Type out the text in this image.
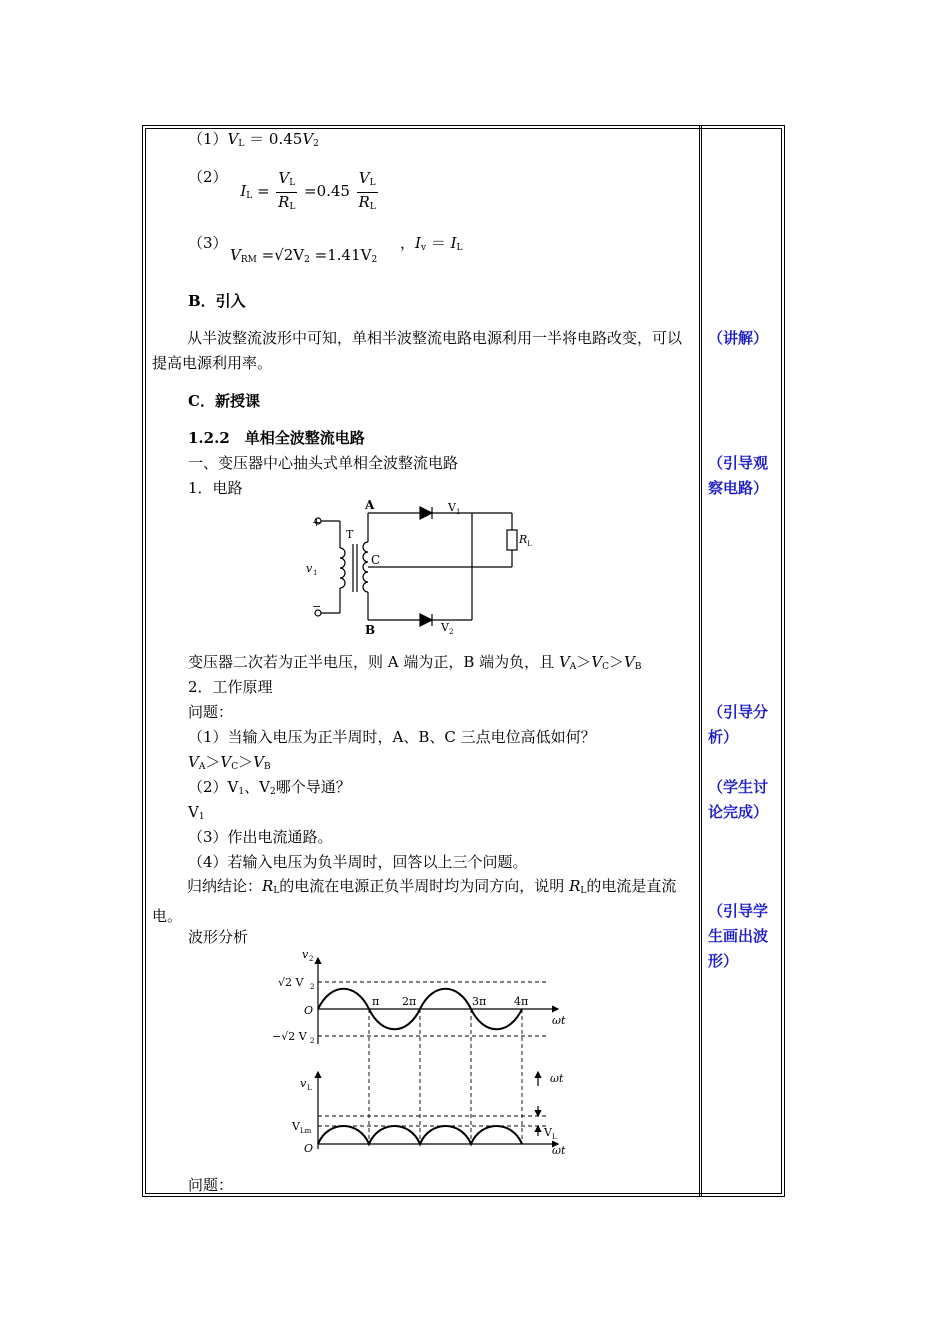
$(1)V_L = 0.45V_2$
（2） $I_L = \frac{V_L}{R_L} =0.45 \frac{V_L}{R_L}$
（3）
$V_{RM} =√2V_2 =1.41V_2$
，$I_v = I_L$
B．引入
从半波整流波形中可知，单相半波整流电路电源利用一半将电路改变，可以提高电源利用率。
C．新授课
1.2.2　单相全波整流电路
一、变压器中心抽头式单相全波整流电路
1．电路
+
−
v 1
T
A
B
C
V 1
V 2
R L
变压器二次若为正半电压，则 A 端为正，B 端为负，且 $V_A>V_C>V_B$
2．工作原理
问题：
（1）当输入电压为正半周时，A、B、C 三点电位高低如何？
$V_A>V_C>V_B$
$(2)V_1$、$V_2$哪个导通？
$V_1$
（3）作出电流通路。
（4）若输入电压为负半周时，回答以上三个问题。
归纳结论：$R_L$的电流在电源正负半周时均为同方向，说明 $R_L$的电流是直流电。
波形分析
v 2
√2 V 2
O
−√2 V 2
π 2π	3π	4π
ωt
v L
V Lm
O
ωt
ωt
V L
问题：
（讲解）
（引导观察电路）
（引导分析）
（学生讨论完成）
（引导学生画出波形）
